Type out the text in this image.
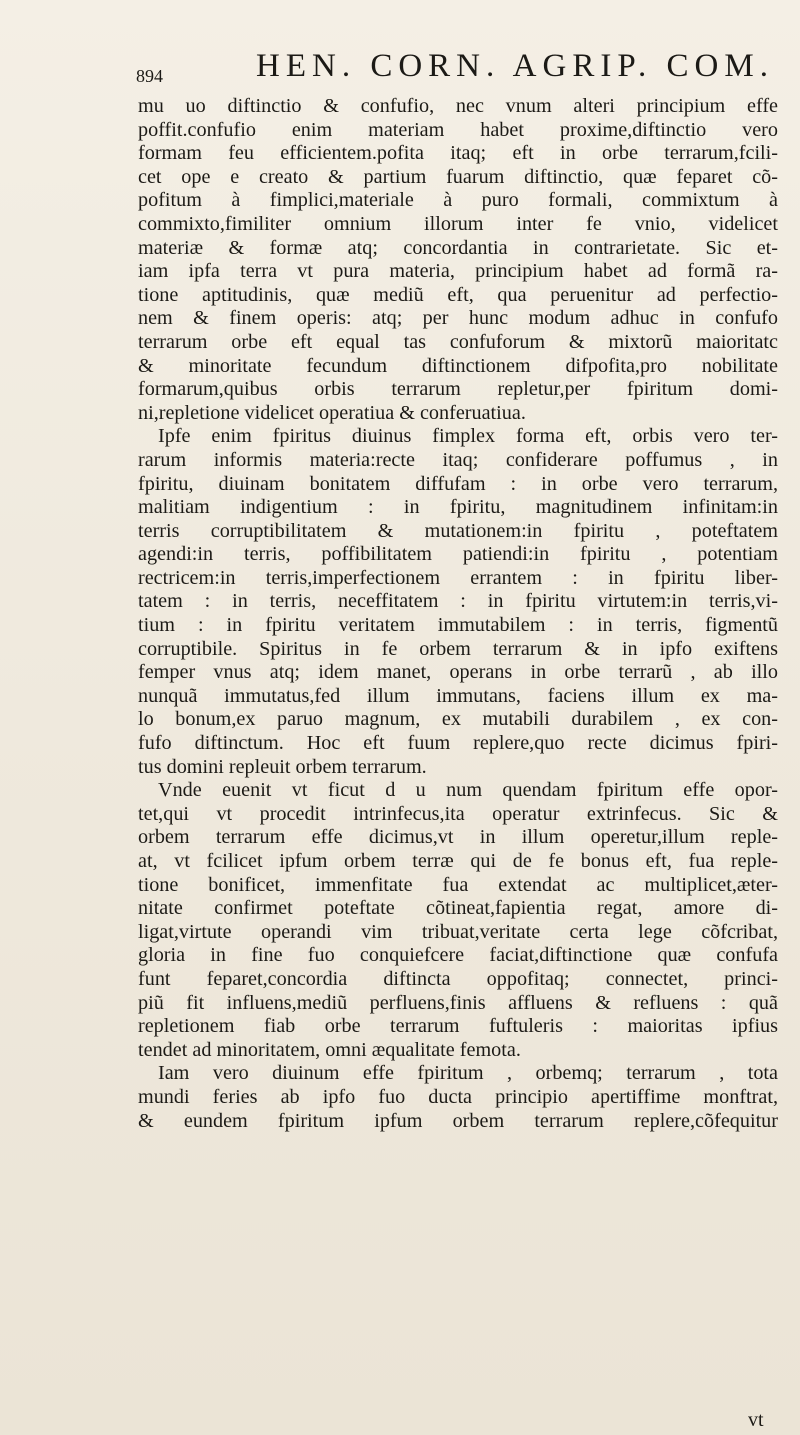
894	HEN. CORN. AGRIP. COM.
mu uo diftinctio & confufio, nec vnum alteri principium effe
poffit.confufio enim materiam habet proxime,diftinctio vero
formam feu efficientem.pofita itaq; eft in orbe terrarum,fcili-
cet ope e creato & partium fuarum diftinctio, quæ feparet cõ-
pofitum à fimplici,materiale à puro formali, commixtum à
commixto,fimiliter omnium illorum inter fe vnio, videlicet
materiæ & formæ atq; concordantia in contrarietate. Sic et-
iam ipfa terra vt pura materia, principium habet ad formã ra-
tione aptitudinis, quæ mediũ eft, qua peruenitur ad perfectio-
nem & finem operis: atq; per hunc modum adhuc in confufo
terrarum orbe eft equal tas confuforum & mixtorũ maioritatc
& minoritate fecundum diftinctionem difpofita,pro nobilitate
formarum,quibus orbis terrarum repletur,per fpiritum domi-
ni,repletione videlicet operatiua & conferuatiua.
Ipfe enim fpiritus diuinus fimplex forma eft, orbis vero ter-
rarum informis materia:recte itaq; confiderare poffumus , in
fpiritu, diuinam bonitatem diffufam : in orbe vero terrarum,
malitiam indigentium : in fpiritu, magnitudinem infinitam:in
terris corruptibilitatem & mutationem:in fpiritu , poteftatem
agendi:in terris, poffibilitatem patiendi:in fpiritu , potentiam
rectricem:in terris,imperfectionem errantem : in fpiritu liber-
tatem : in terris, neceffitatem : in fpiritu virtutem:in terris,vi-
tium : in fpiritu veritatem immutabilem : in terris, figmentũ
corruptibile. Spiritus in fe orbem terrarum & in ipfo exiftens
femper vnus atq; idem manet, operans in orbe terrarũ , ab illo
nunquã immutatus,fed illum immutans, faciens illum ex ma-
lo bonum,ex paruo magnum, ex mutabili durabilem , ex con-
fufo diftinctum. Hoc eft fuum replere,quo recte dicimus fpiri-
tus domini repleuit orbem terrarum.
Vnde euenit vt ficut d u num quendam fpiritum effe opor-
tet,qui vt procedit intrinfecus,ita operatur extrinfecus. Sic &
orbem terrarum effe dicimus,vt in illum operetur,illum reple-
at, vt fcilicet ipfum orbem terræ qui de fe bonus eft, fua reple-
tione bonificet, immenfitate fua extendat ac multiplicet,æter-
nitate confirmet poteftate cõtineat,fapientia regat, amore di-
ligat,virtute operandi vim tribuat,veritate certa lege cõfcribat,
gloria in fine fuo conquiefcere faciat,diftinctione quæ confufa
funt feparet,concordia diftincta oppofitaq; connectet, princi-
piũ fit influens,mediũ perfluens,finis affluens & refluens : quã
repletionem fiab orbe terrarum fuftuleris : maioritas ipfius
tendet ad minoritatem, omni æqualitate femota.
Iam vero diuinum effe fpiritum , orbemq; terrarum , tota
mundi feries ab ipfo fuo ducta principio apertiffime monftrat,
& eundem fpiritum ipfum orbem terrarum replere,cõfequitur
vt
